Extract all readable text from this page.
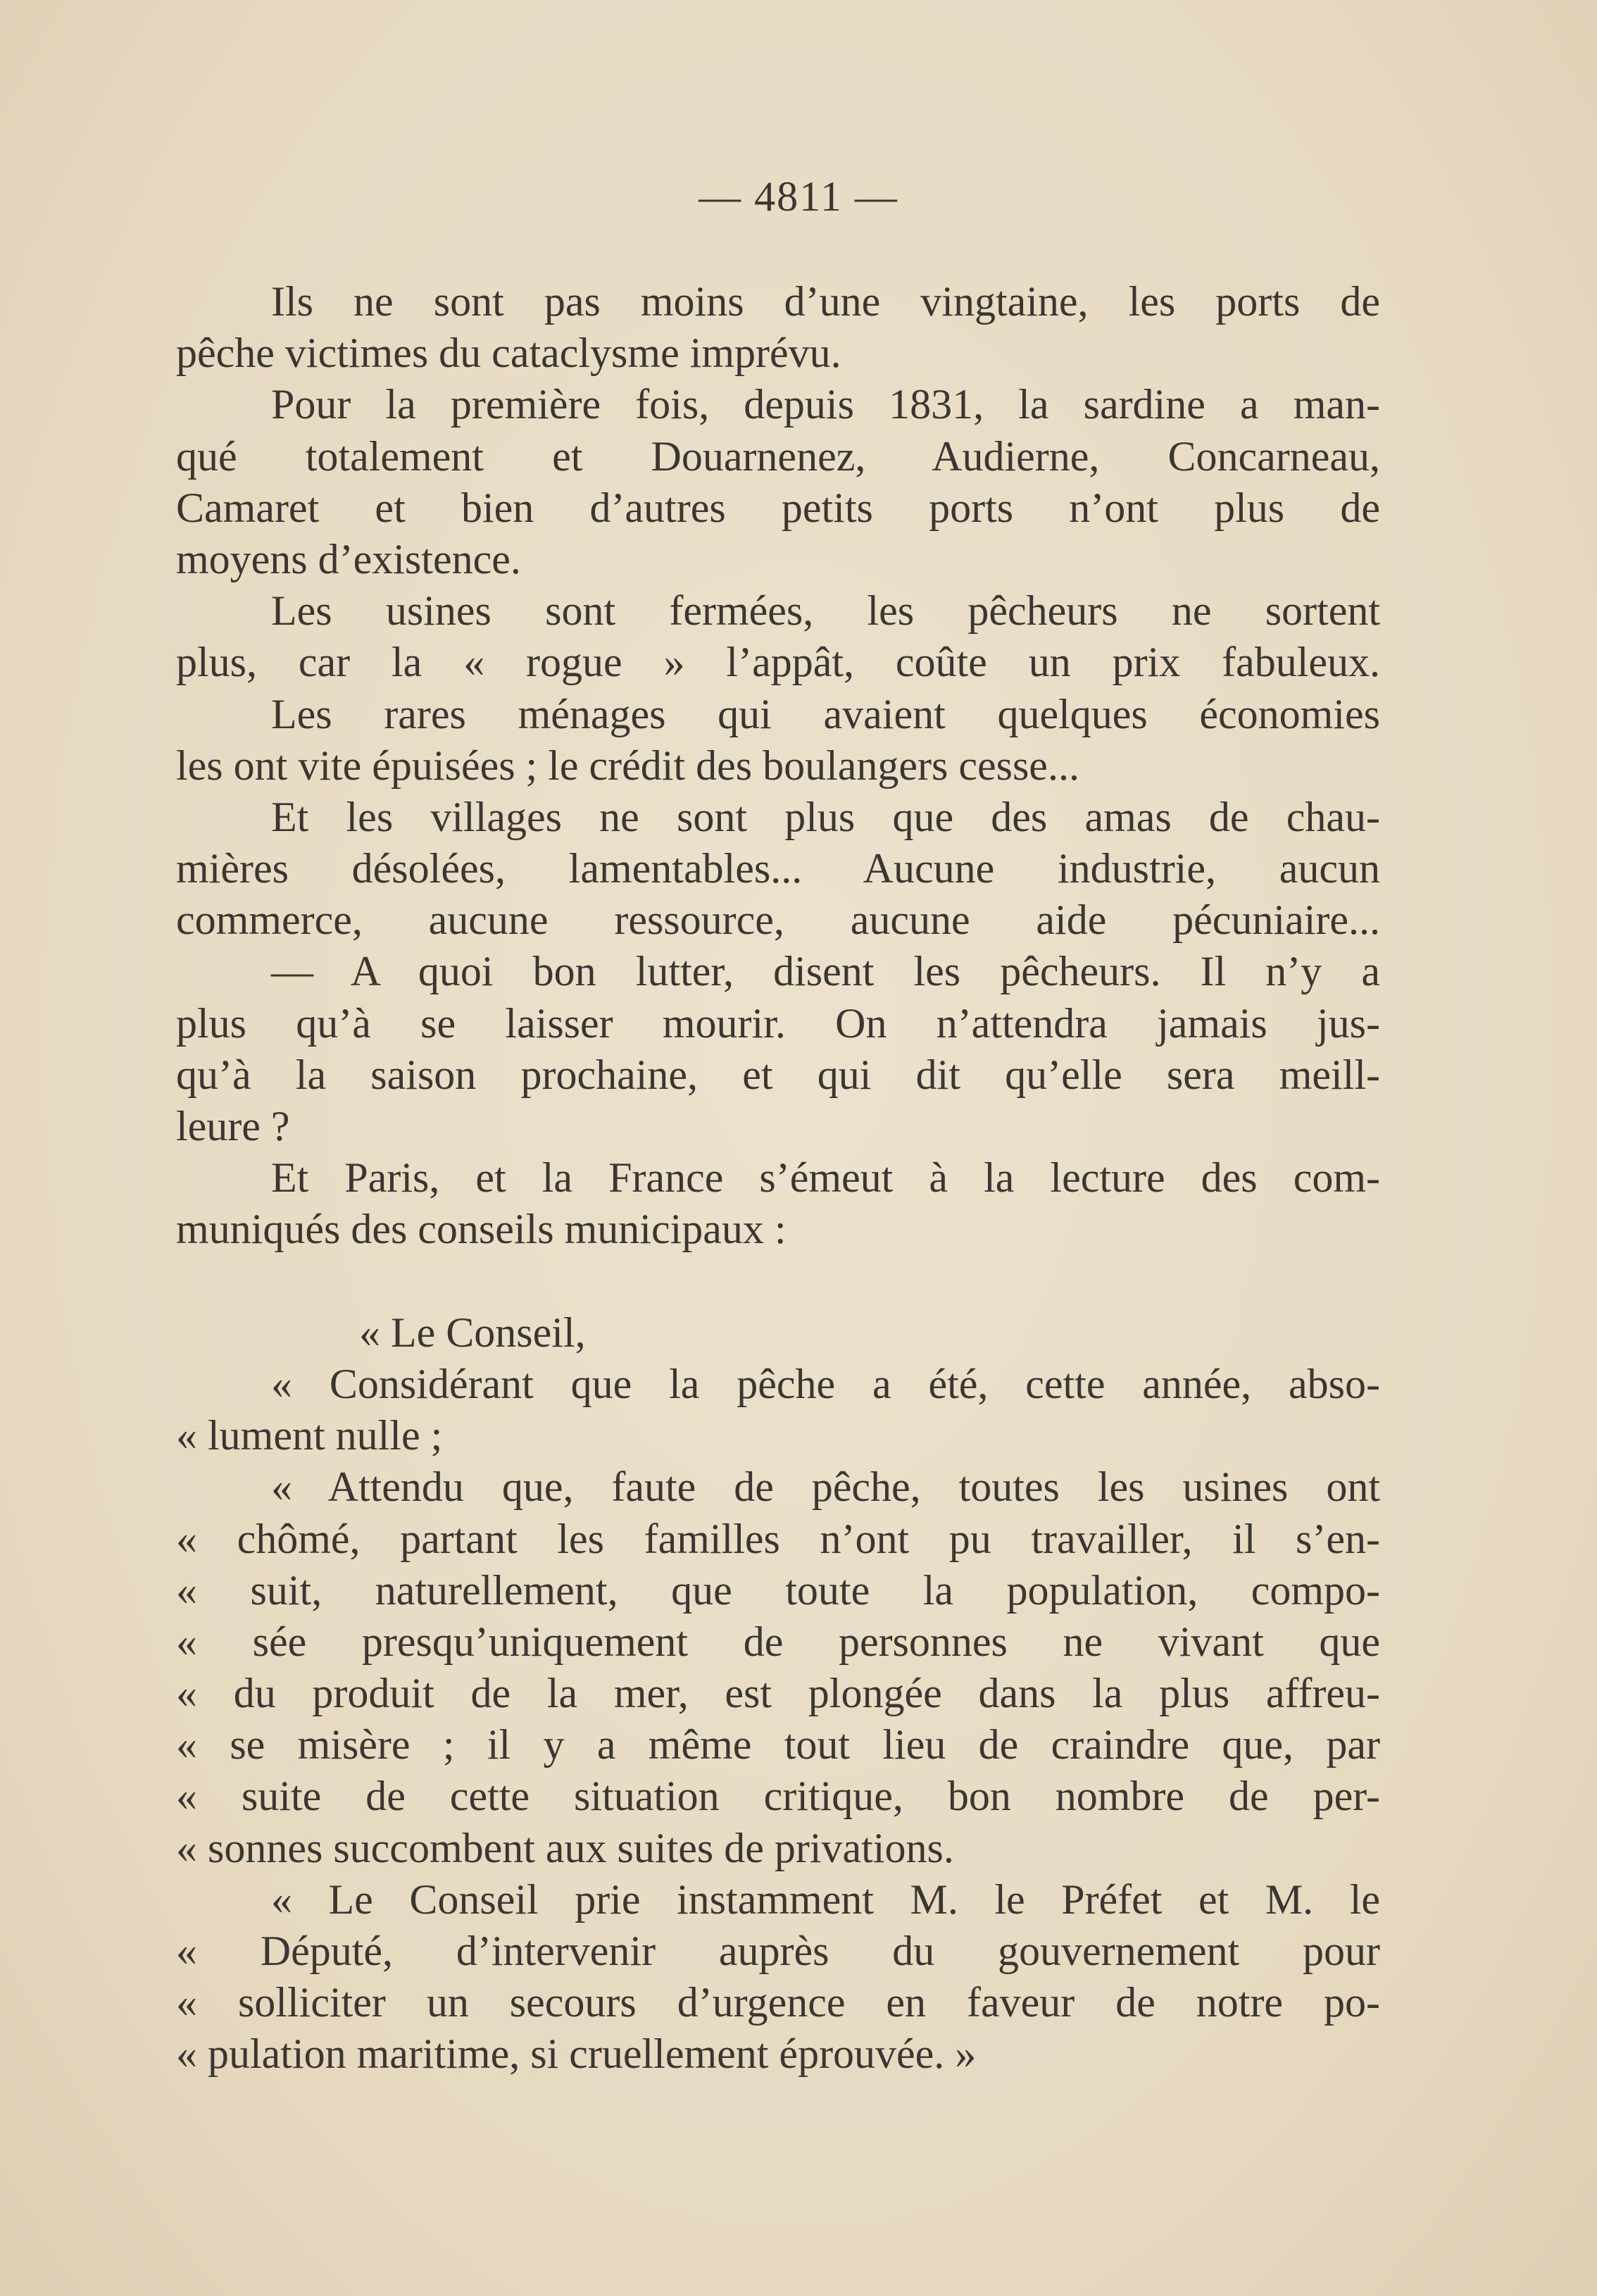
— 4811 —
Ils ne sont pas moins d’une vingtaine, les ports de
pêche victimes du cataclysme imprévu.
Pour la première fois, depuis 1831, la sardine a man-
qué totalement et Douarnenez, Audierne, Concarneau,
Camaret et bien d’autres petits ports n’ont plus de
moyens d’existence.
Les usines sont fermées, les pêcheurs ne sortent
plus, car la « rogue » l’appât, coûte un prix fabuleux.
Les rares ménages qui avaient quelques économies
les ont vite épuisées ; le crédit des boulangers cesse...
Et les villages ne sont plus que des amas de chau-
mières désolées, lamentables... Aucune industrie, aucun
commerce, aucune ressource, aucune aide pécuniaire...
— A quoi bon lutter, disent les pêcheurs. Il n’y a
plus qu’à se laisser mourir. On n’attendra jamais jus-
qu’à la saison prochaine, et qui dit qu’elle sera meill-
leure ?
Et Paris, et la France s’émeut à la lecture des com-
muniqués des conseils municipaux :
« Le Conseil,
« Considérant que la pêche a été, cette année, abso-
« lument nulle ;
« Attendu que, faute de pêche, toutes les usines ont
« chômé, partant les familles n’ont pu travailler, il s’en-
« suit, naturellement, que toute la population, compo-
« sée presqu’uniquement de personnes ne vivant que
« du produit de la mer, est plongée dans la plus affreu-
« se misère ; il y a même tout lieu de craindre que, par
« suite de cette situation critique, bon nombre de per-
« sonnes succombent aux suites de privations.
« Le Conseil prie instamment M. le Préfet et M. le
« Député, d’intervenir auprès du gouvernement pour
« solliciter un secours d’urgence en faveur de notre po-
« pulation maritime, si cruellement éprouvée. »
